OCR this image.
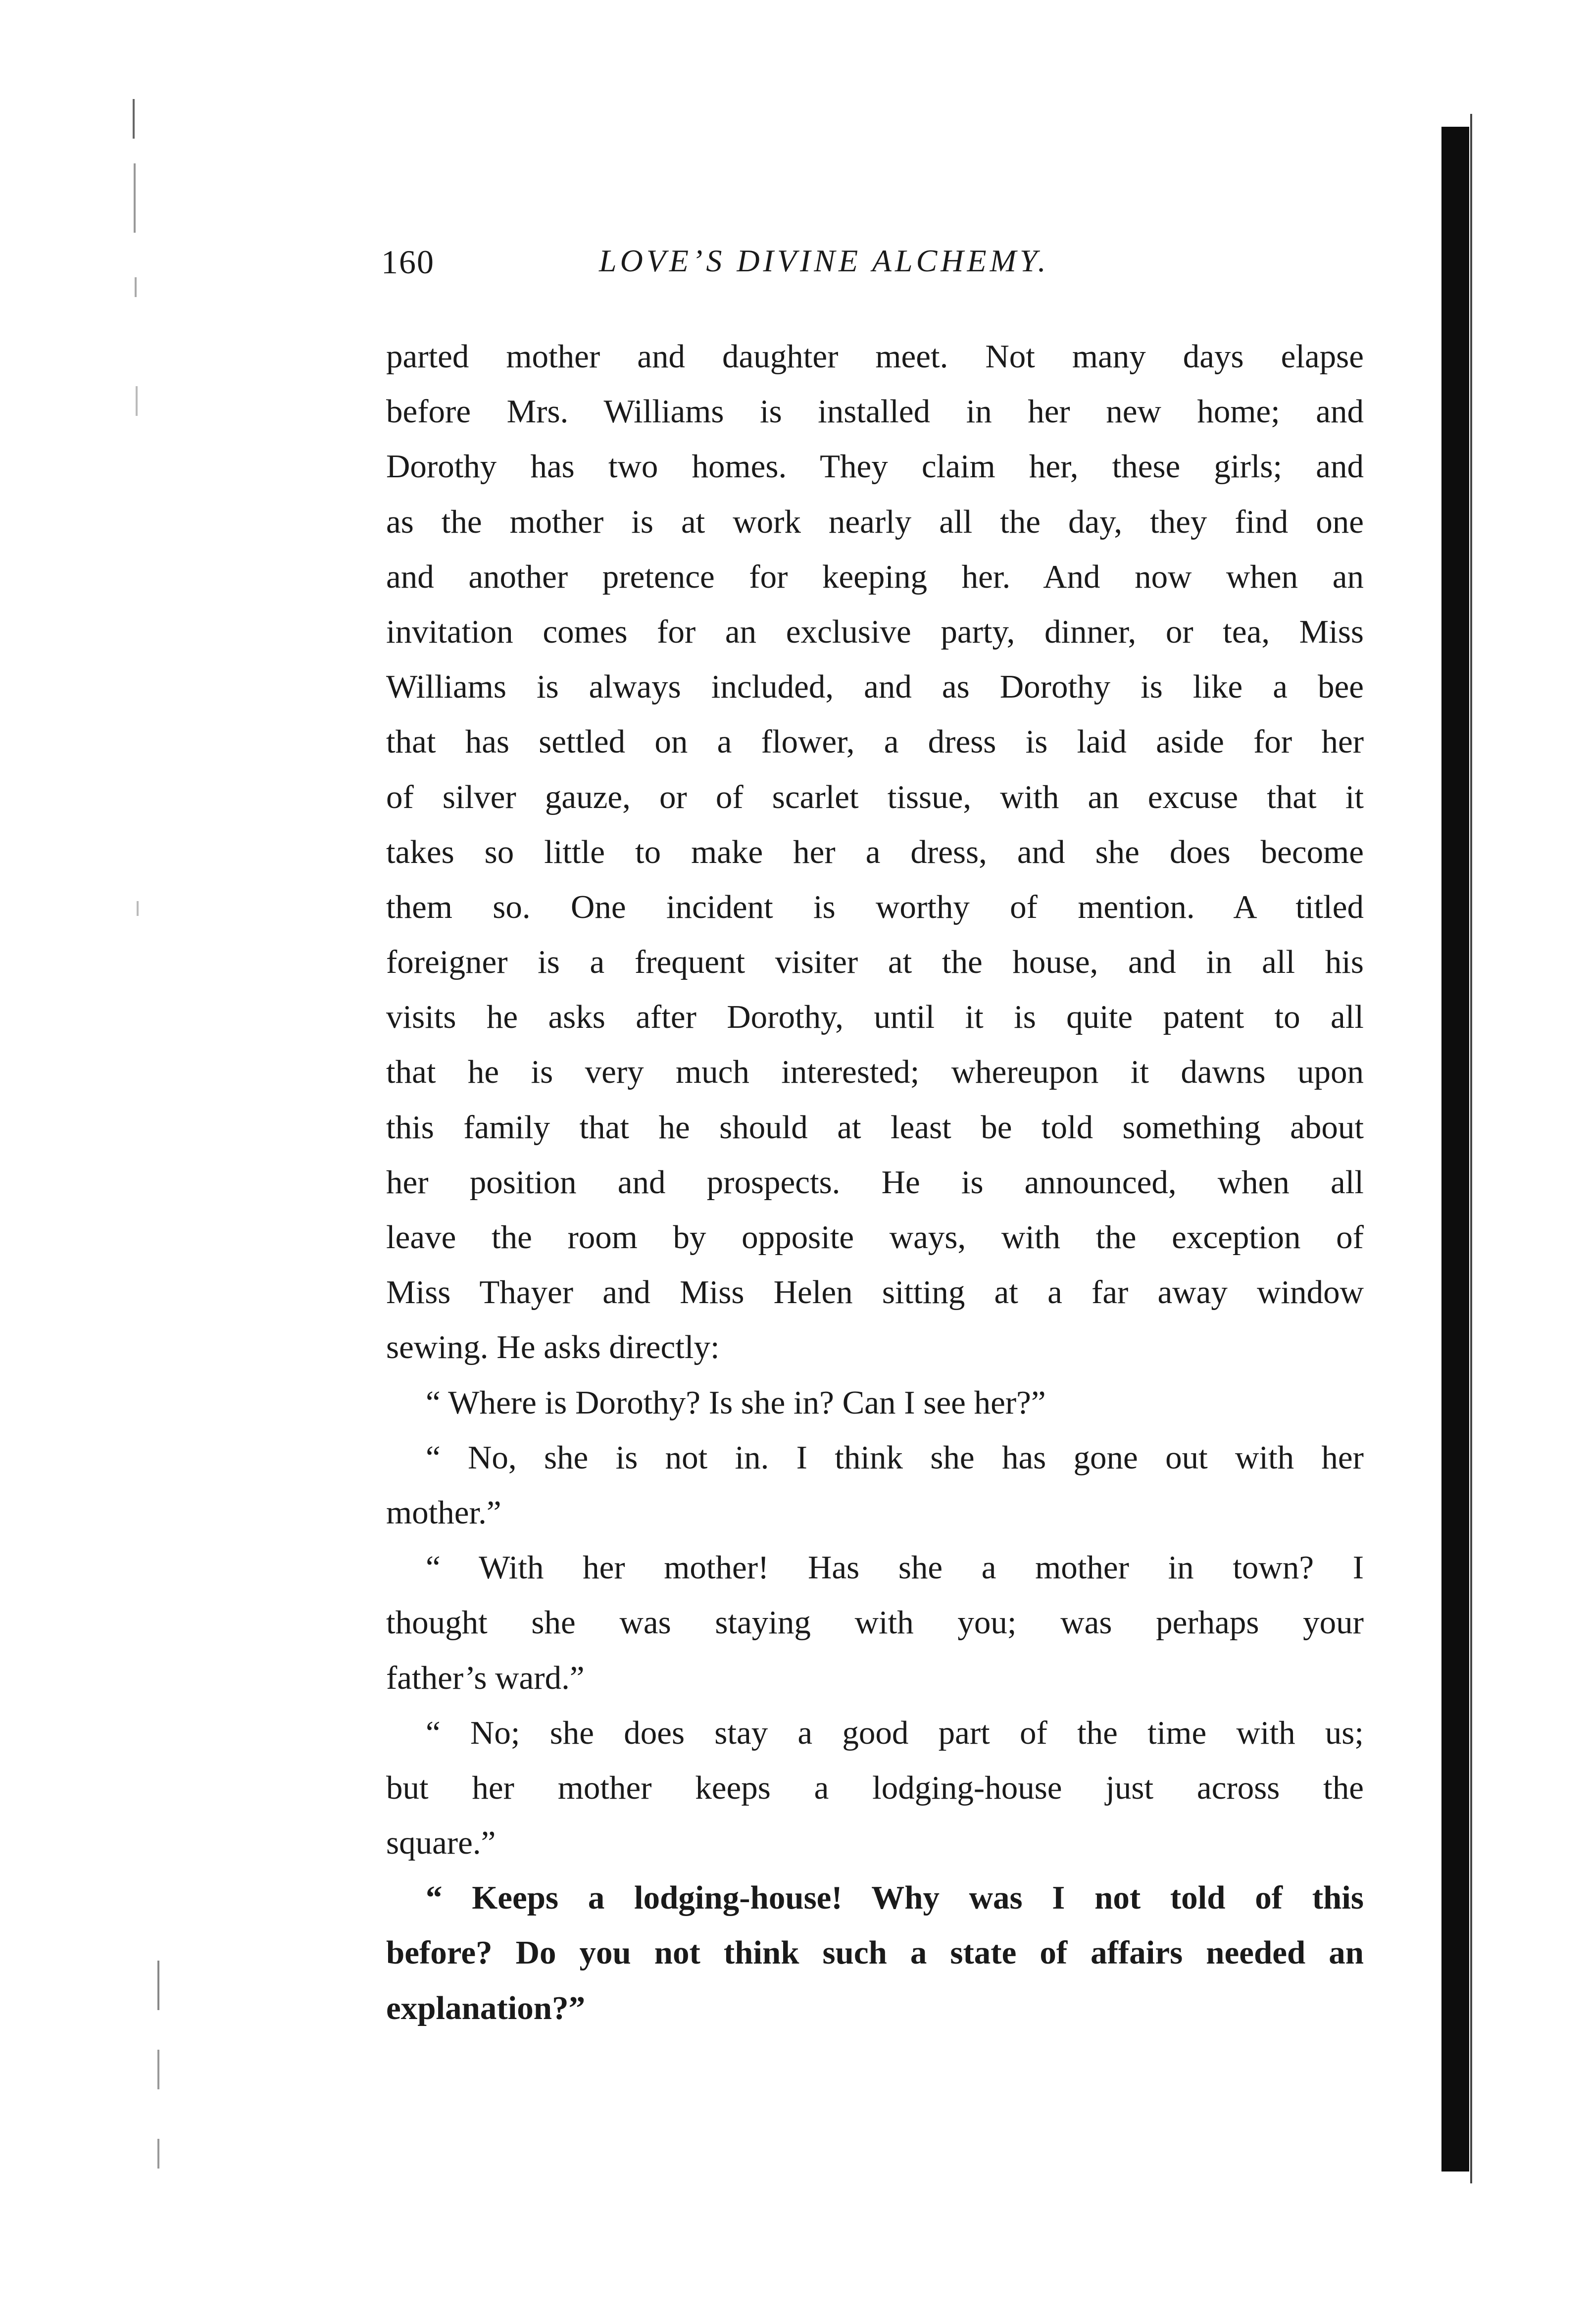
160	LOVE’S DIVINE ALCHEMY.
parted mother and daughter meet. Not many days elapse
before Mrs. Williams is installed in her new home; and
Dorothy has two homes. They claim her, these girls; and
as the mother is at work nearly all the day, they find one
and another pretence for keeping her. And now when an
invitation comes for an exclusive party, dinner, or tea, Miss
Williams is always included, and as Dorothy is like a bee
that has settled on a flower, a dress is laid aside for her
of silver gauze, or of scarlet tissue, with an excuse that it
takes so little to make her a dress, and she does become
them so. One incident is worthy of mention. A titled
foreigner is a frequent visiter at the house, and in all his
visits he asks after Dorothy, until it is quite patent to all
that he is very much interested; whereupon it dawns upon
this family that he should at least be told something about
her position and prospects. He is announced, when all
leave the room by opposite ways, with the exception of
Miss Thayer and Miss Helen sitting at a far away window
sewing. He asks directly:
“ Where is Dorothy? Is she in? Can I see her?”
“ No, she is not in. I think she has gone out with her
mother.”
“ With her mother! Has she a mother in town? I
thought she was staying with you; was perhaps your
father’s ward.”
“ No; she does stay a good part of the time with us;
but her mother keeps a lodging-house just across the
square.”
“ Keeps a lodging-house! Why was I not told of this
before? Do you not think such a state of affairs needed an
explanation?”
